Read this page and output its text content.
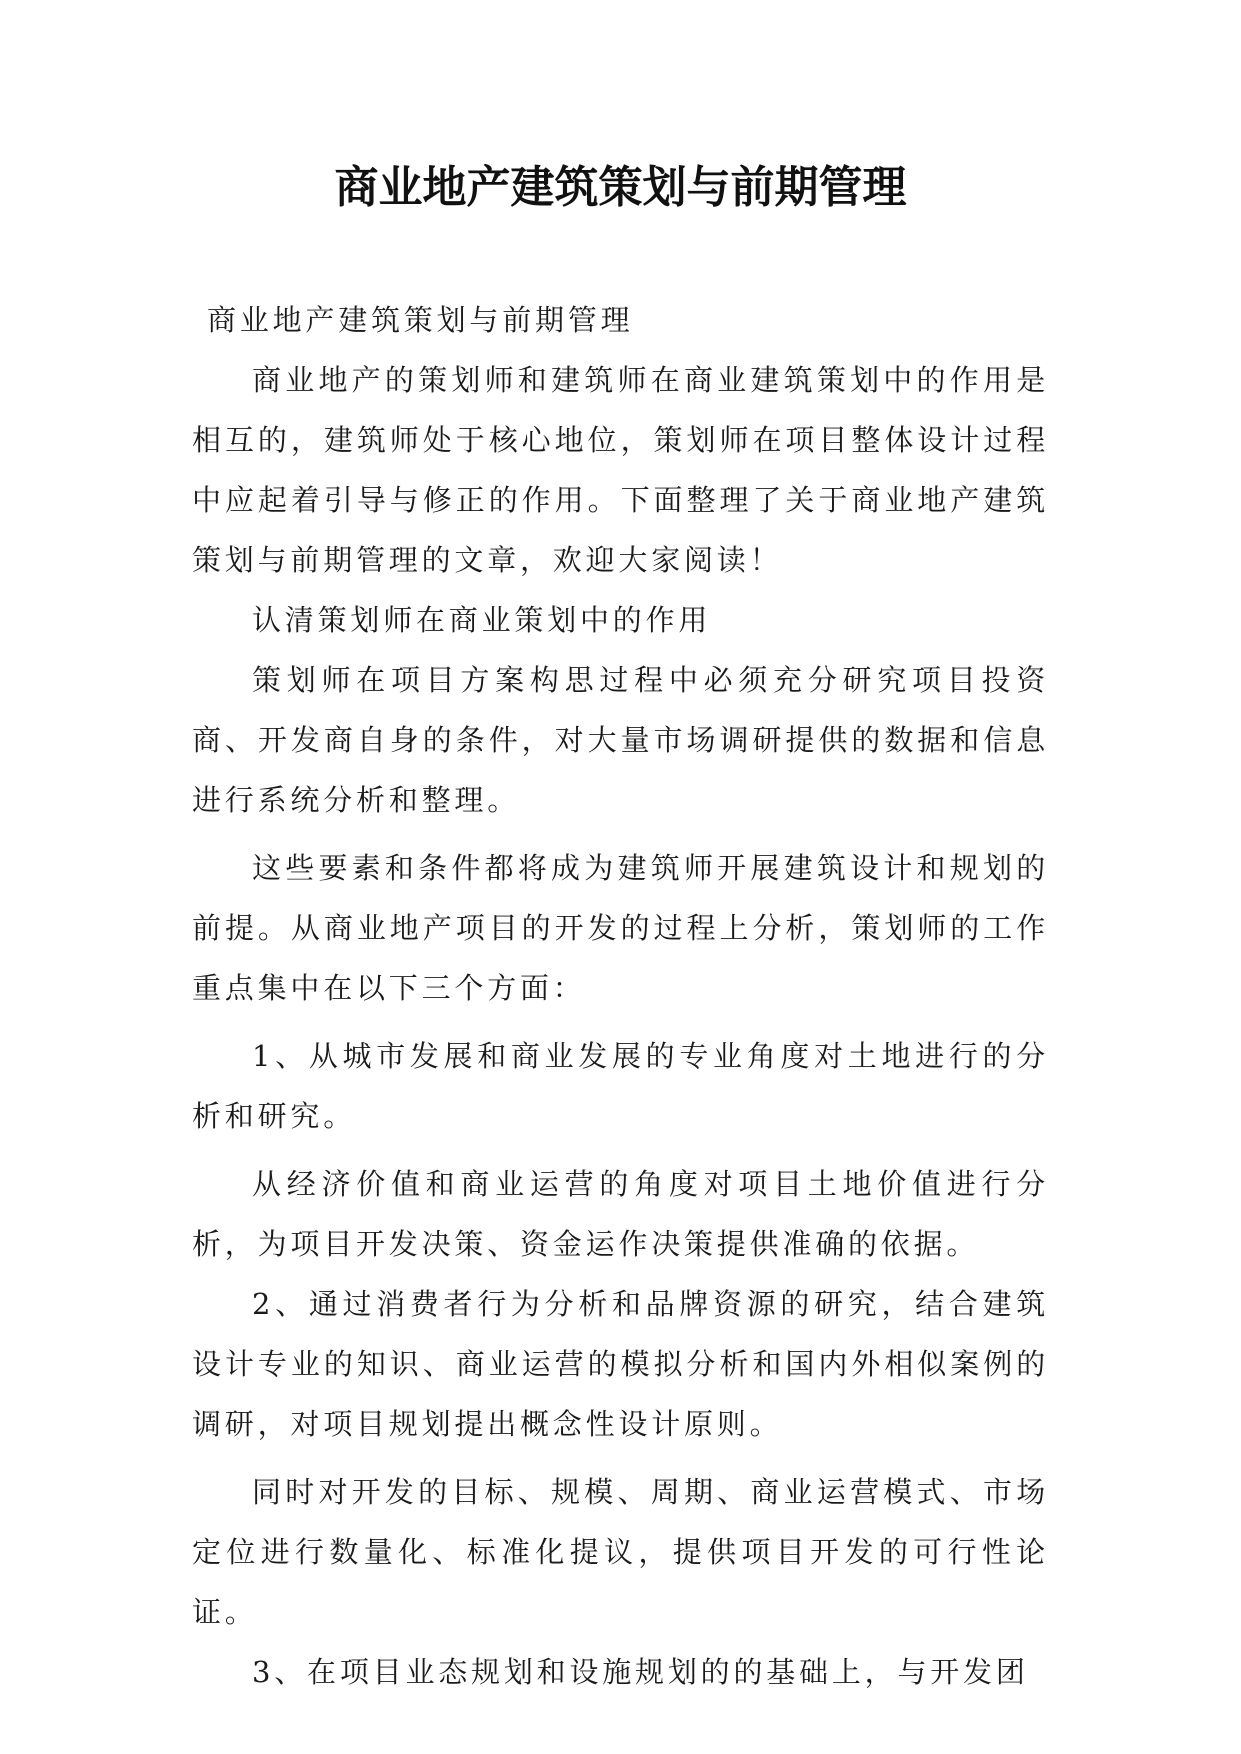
商业地产建筑策划与前期管理

商业地产建筑策划与前期管理

商业地产的策划师和建筑师在商业建筑策划中的作用是相互的，建筑师处于核心地位，策划师在项目整体设计过程中应起着引导与修正的作用。下面整理了关于商业地产建筑策划与前期管理的文章，欢迎大家阅读！

认清策划师在商业策划中的作用

策划师在项目方案构思过程中必须充分研究项目投资商、开发商自身的条件，对大量市场调研提供的数据和信息进行系统分析和整理。

这些要素和条件都将成为建筑师开展建筑设计和规划的前提。从商业地产项目的开发的过程上分析，策划师的工作重点集中在以下三个方面：

1、从城市发展和商业发展的专业角度对土地进行的分析和研究。

从经济价值和商业运营的角度对项目土地价值进行分析，为项目开发决策、资金运作决策提供准确的依据。

2、通过消费者行为分析和品牌资源的研究，结合建筑设计专业的知识、商业运营的模拟分析和国内外相似案例的调研，对项目规划提出概念性设计原则。

同时对开发的目标、规模、周期、商业运营模式、市场定位进行数量化、标准化提议，提供项目开发的可行性论证。

3、在项目业态规划和设施规划的的基础上，与开发团
